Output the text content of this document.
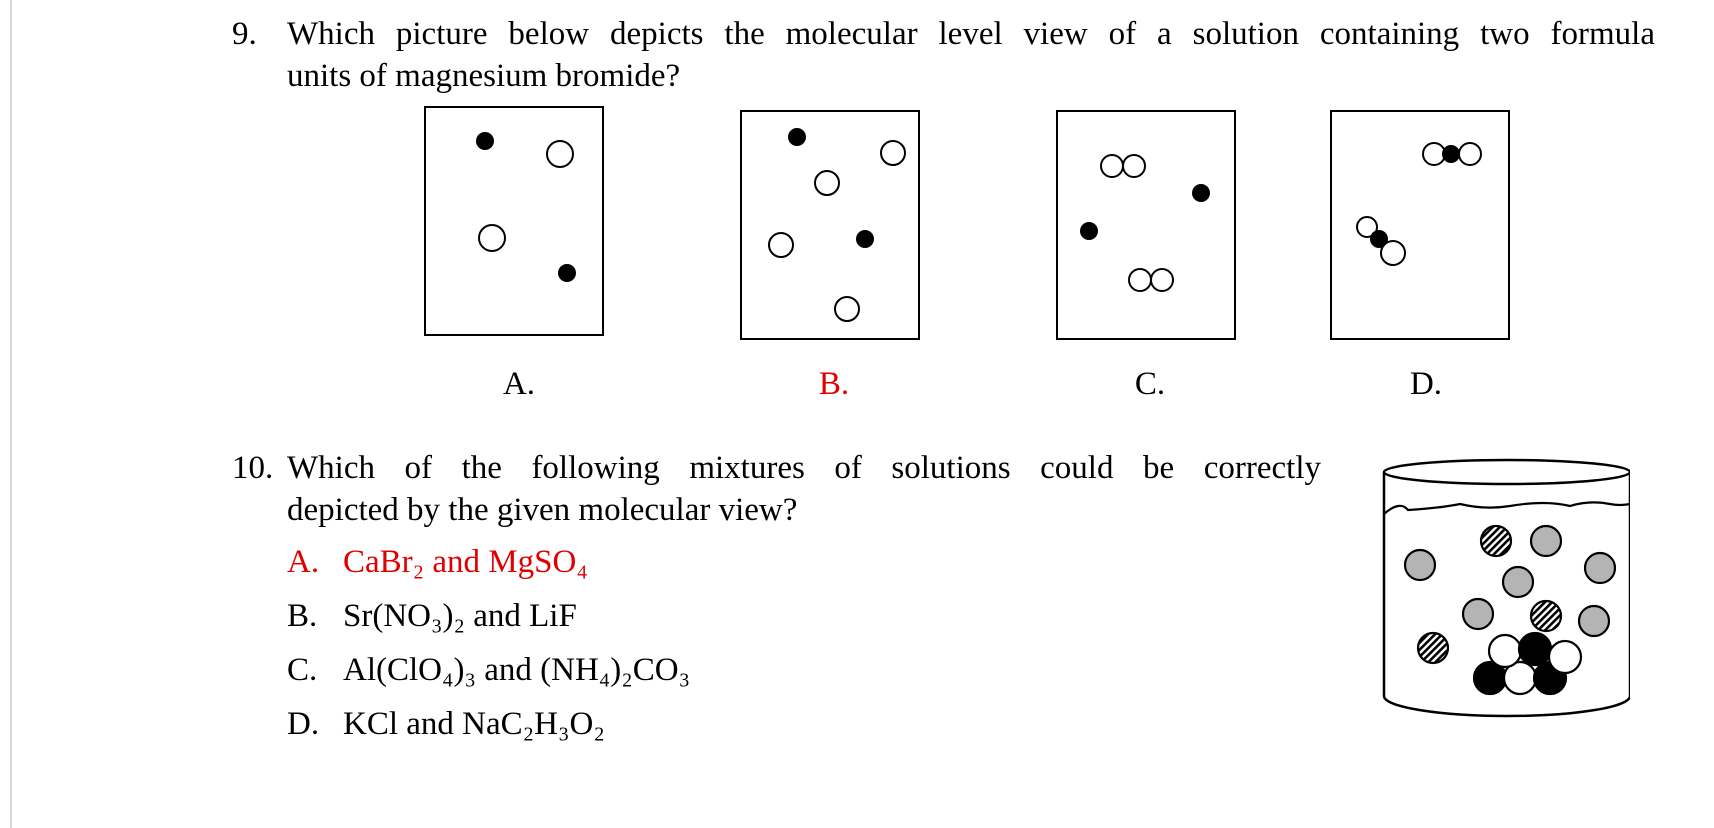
9. Which picture below depicts the molecular level view of a solution containing two formula
units of magnesium bromide?
A.	B.	C.	D.
10. Which of the following mixtures of solutions could be correctly
depicted by the given molecular view?
A. CaBr₂ and MgSO₄
B. Sr(NO₃)₂ and LiF
C. Al(ClO₄)₃ and (NH₄)₂CO₃
D. KCl and NaC₂H₃O₂
